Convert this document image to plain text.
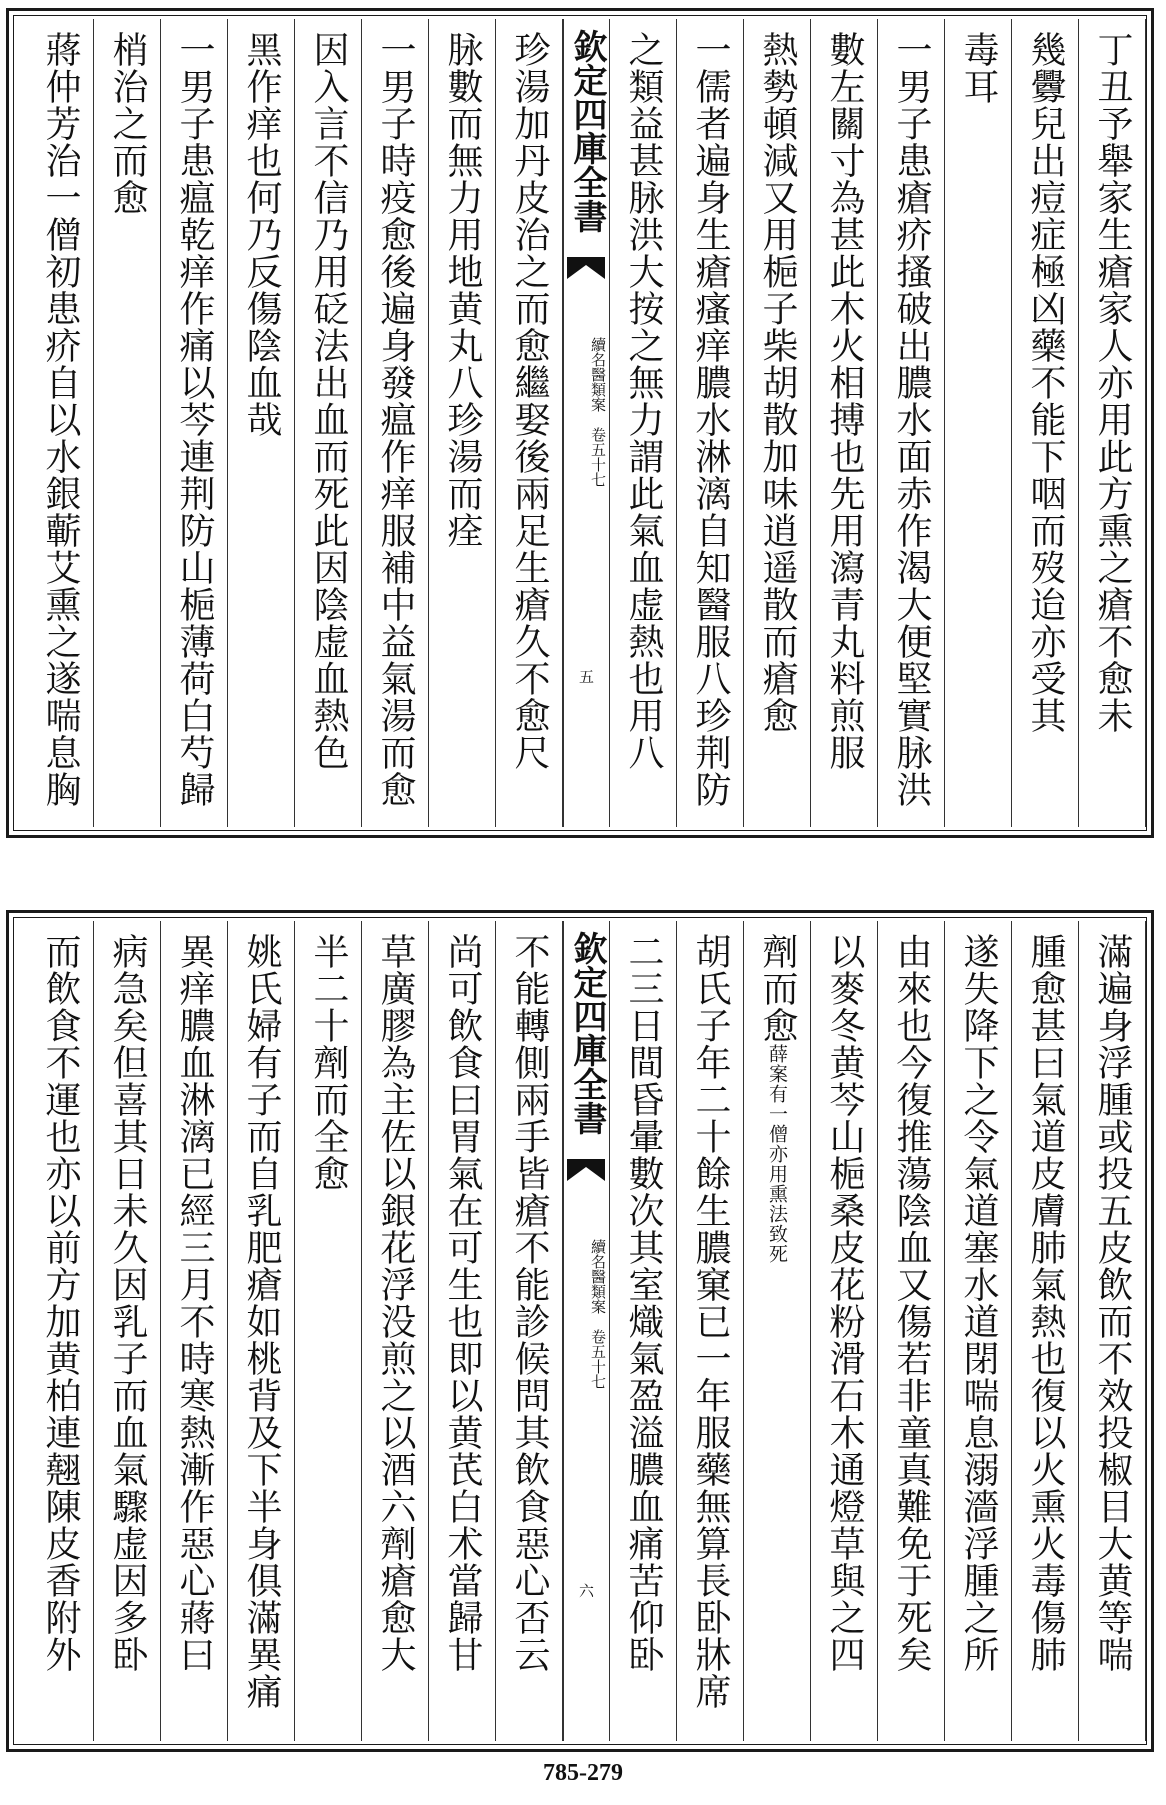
丁丑予舉家生瘡家人亦用此方熏之瘡不愈未
幾釁兒出痘症極凶藥不能下咽而歿迨亦受其
毒耳
一男子患瘡疥搔破出膿水面赤作渴大便堅實脉洪
數左關寸為甚此木火相搏也先用瀉青丸料煎服
熱勢頓減又用梔子柴胡散加味逍遥散而瘡愈
一儒者遍身生瘡瘙痒膿水淋漓自知醫服八珍荆防
之類益甚脉洪大按之無力謂此氣血虚熱也用八
欽定四庫全書
續名醫類案　卷五十七
五
珍湯加丹皮治之而愈繼娶後兩足生瘡久不愈尺
脉數而無力用地黄丸八珍湯而痊
一男子時疫愈後遍身發瘟作痒服補中益氣湯而愈
因入言不信乃用砭法出血而死此因陰虚血熱色
黑作痒也何乃反傷陰血哉
一男子患瘟乾痒作痛以芩連荆防山梔薄荷白芍歸
梢治之而愈
蔣仲芳治一僧初患疥自以水銀蘄艾熏之遂喘息胸
滿遍身浮腫或投五皮飲而不效投椒目大黄等喘
腫愈甚曰氣道皮膚肺氣熱也復以火熏火毒傷肺
遂失降下之令氣道塞水道閉喘息溺濇浮腫之所
由來也今復推蕩陰血又傷若非童真難免于死矣
以麥冬黄芩山梔桑皮花粉滑石木通燈草與之四
劑而愈薛案有一僧亦用熏法致死
胡氏子年二十餘生膿窠已一年服藥無算長卧牀席
二三日間昏暈數次其室熾氣盈溢膿血痛苦仰卧
欽定四庫全書
續名醫類案　卷五十七
六
不能轉側兩手皆瘡不能診候問其飲食惡心否云
尚可飲食曰胃氣在可生也即以黄芪白术當歸甘
草廣膠為主佐以銀花浮没煎之以酒六劑瘡愈大
半二十劑而全愈
姚氏婦有子而自乳肥瘡如桃背及下半身俱滿異痛
異痒膿血淋漓已經三月不時寒熱漸作惡心蔣曰
病急矣但喜其日未久因乳子而血氣驟虚因多卧
而飲食不運也亦以前方加黄柏連翹陳皮香附外
785-279
